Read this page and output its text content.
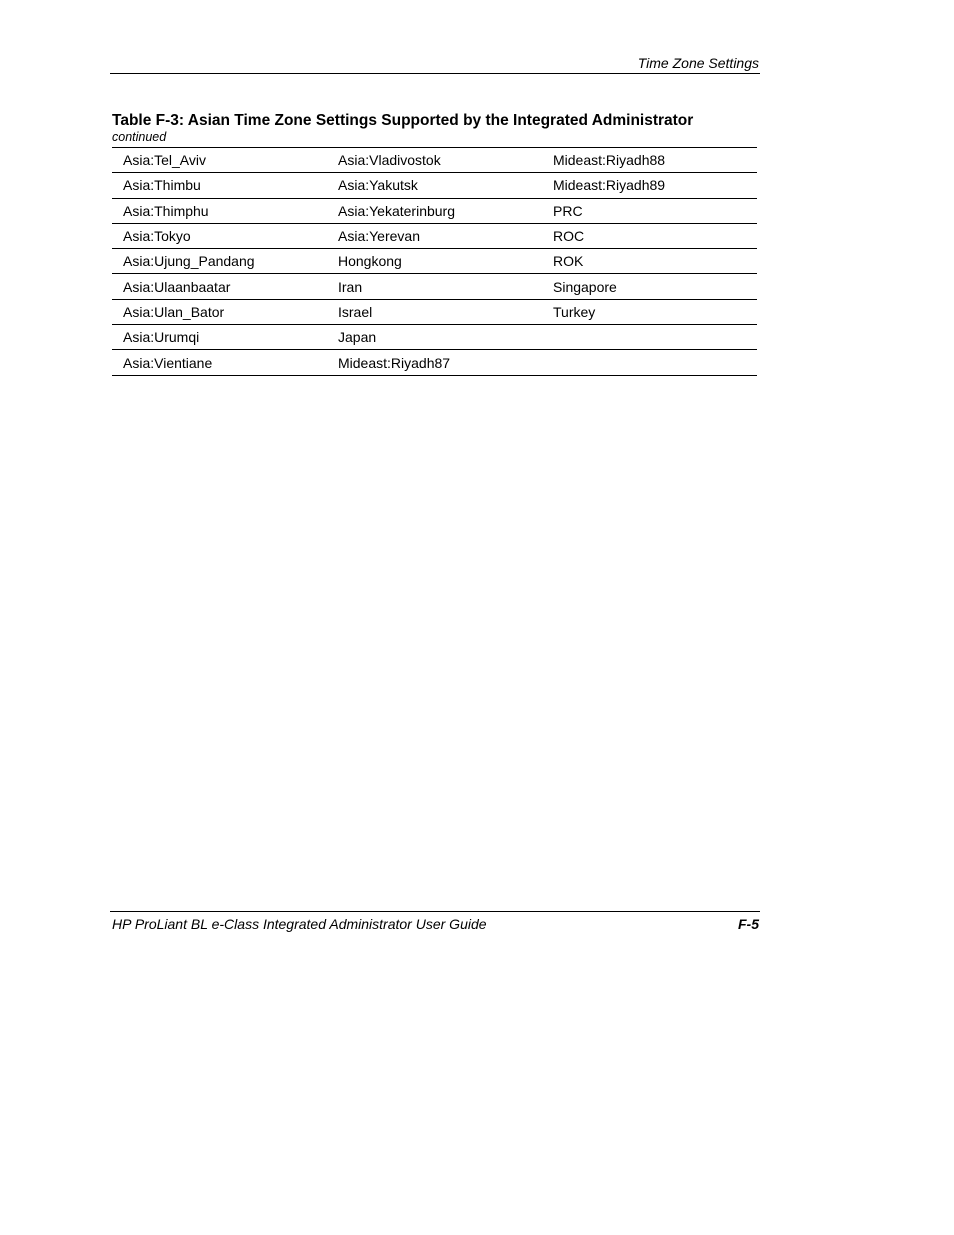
Time Zone Settings
Table F-3: Asian Time Zone Settings Supported by the Integrated Administrator
continued
Asia:Tel_Aviv	Asia:Vladivostok	Mideast:Riyadh88
Asia:Thimbu	Asia:Yakutsk	Mideast:Riyadh89
Asia:Thimphu	Asia:Yekaterinburg	PRC
Asia:Tokyo	Asia:Yerevan	ROC
Asia:Ujung_Pandang	Hongkong	ROK
Asia:Ulaanbaatar	Iran	Singapore
Asia:Ulan_Bator	Israel	Turkey
Asia:Urumqi	Japan	
Asia:Vientiane	Mideast:Riyadh87	
HP ProLiant BL e-Class Integrated Administrator User Guide	F-5
